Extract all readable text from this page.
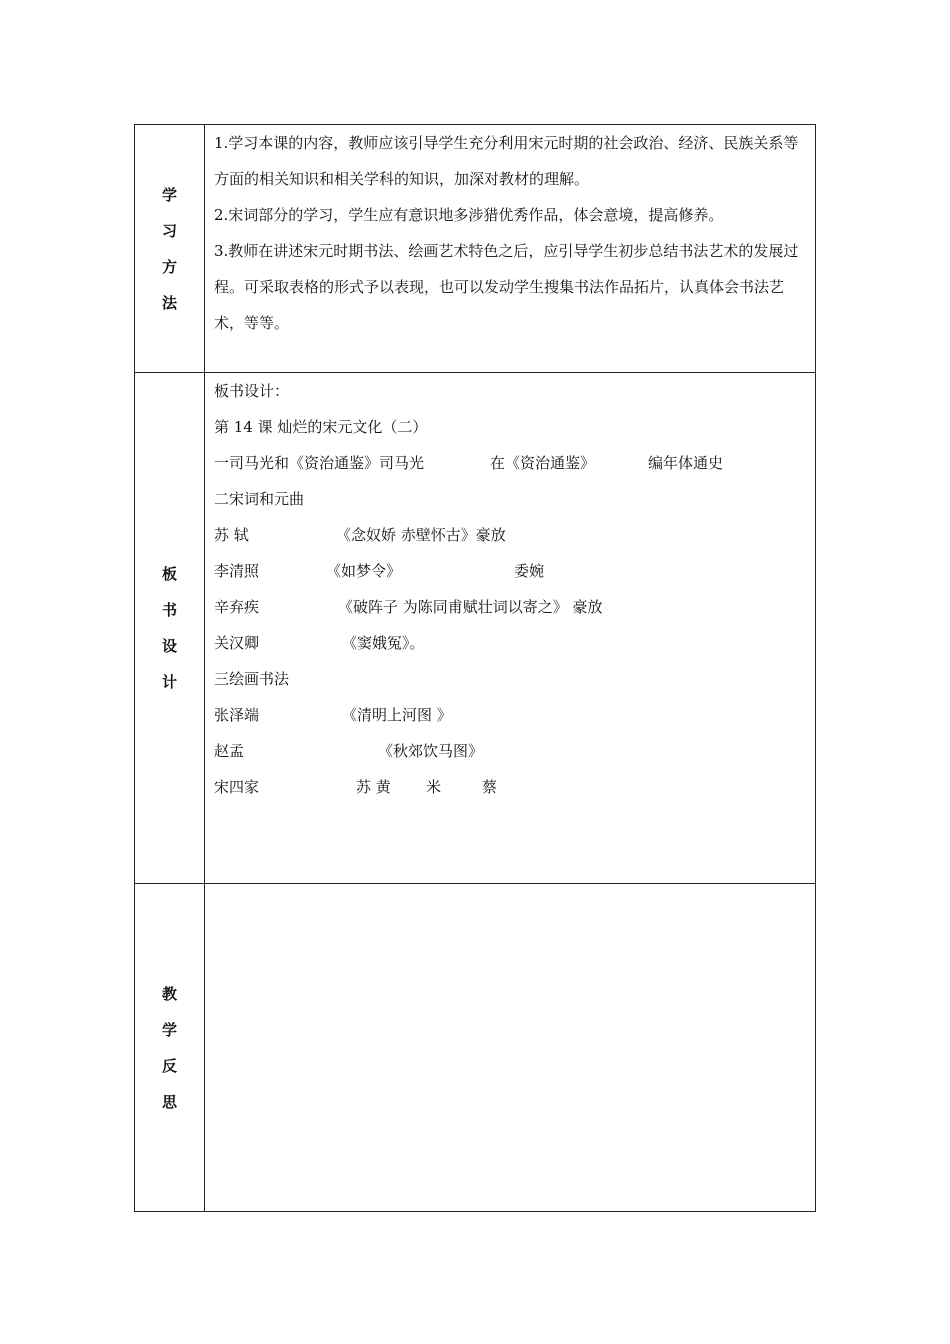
学
习
方
法

1.学习本课的内容，教师应该引导学生充分利用宋元时期的社会政治、经济、民族关系等方面的相关知识和相关学科的知识，加深对教材的理解。

2.宋词部分的学习，学生应有意识地多涉猎优秀作品，体会意境，提高修养。

3.教师在讲述宋元时期书法、绘画艺术特色之后，应引导学生初步总结书法艺术的发展过程。可采取表格的形式予以表现，也可以发动学生搜集书法作品拓片，认真体会书法艺术，等等。

板
书
设
计
板书设计：
第 14 课 灿烂的宋元文化（二）
一司马光和《资治通鉴》司马光	在《资治通鉴》	编年体通史
二宋词和元曲
苏 轼	《念奴娇 赤壁怀古》豪放
李清照	《如梦令》	委婉
辛弃疾	《破阵子 为陈同甫赋壮词以寄之》 豪放
关汉卿	《窦娥冤》。
三绘画书法
张泽端	《清明上河图 》
赵孟	《秋郊饮马图》
宋四家	苏 黄 米	蔡
教
学
反
思
